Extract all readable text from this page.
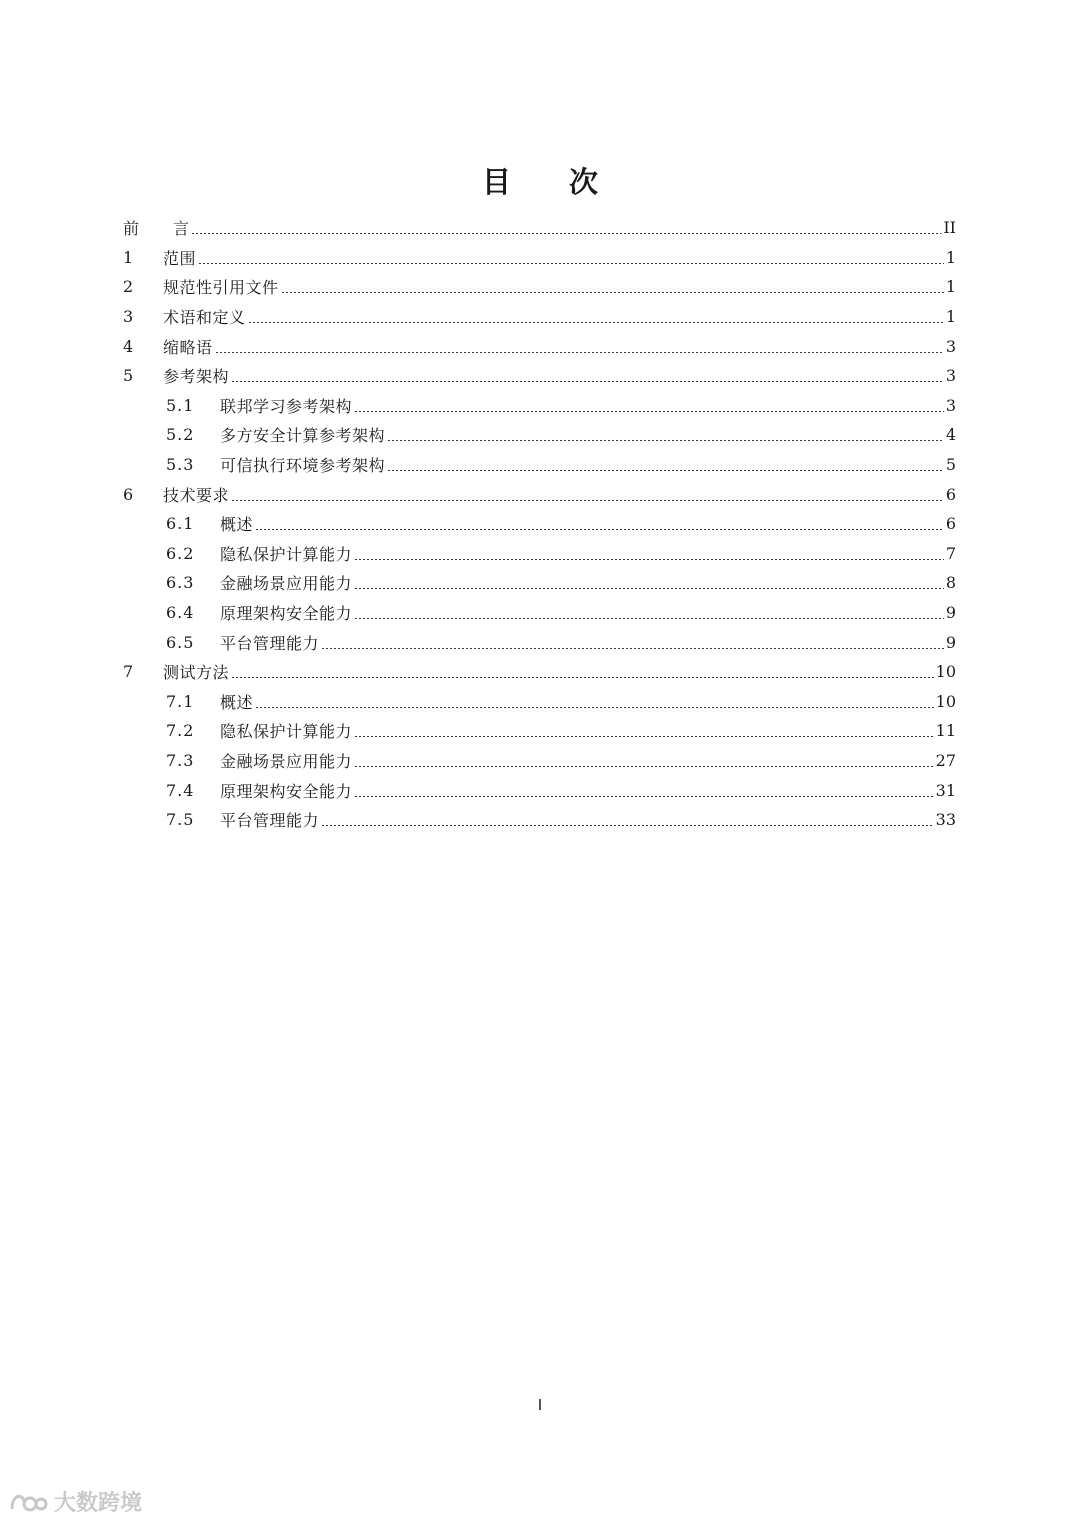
目 次
前 言	II
1	范围	1
2	规范性引用文件	1
3	术语和定义	1
4	缩略语	3
5	参考架构	3
5.1	联邦学习参考架构	3
5.2	多方安全计算参考架构	4
5.3	可信执行环境参考架构	5
6	技术要求	6
6.1	概述	6
6.2	隐私保护计算能力	7
6.3	金融场景应用能力	8
6.4	原理架构安全能力	9
6.5	平台管理能力	9
7	测试方法	10
7.1	概述	10
7.2	隐私保护计算能力	11
7.3	金融场景应用能力	27
7.4	原理架构安全能力	31
7.5	平台管理能力	33
I
大数跨境
